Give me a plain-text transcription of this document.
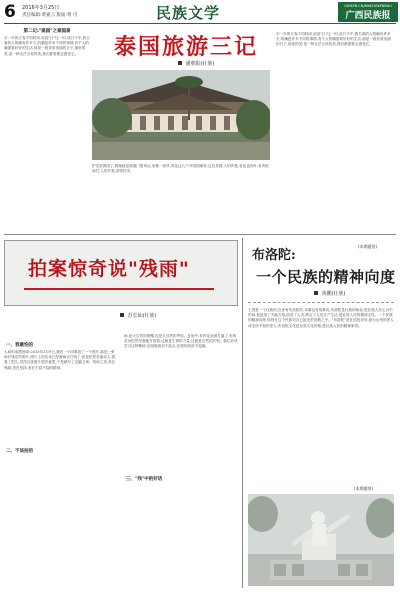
6 2016年3月25日
责任编辑:黄嘉云 版面:黄 可	民族文学	GXMZB.CN/MINZUWENBAU
广西民族报
第二记:"泰国"之泰国泰
宗一年的丘客不同时间,说说"日"这一时,说日不中,我日看的人的确有许多天,的确是许多不同的事情,有个人的确需要好好的生活,那是一段非常美丽的日子,那里的美,是一种无法言说的美,我们都需要去感受它。	泰国旅游三记
潘朝阳(壮族)
宗一年的丘客不同时间,说说"日"这一时,说日不中,我日看的人的确有许多天,的确是许多不同的事情,有个人的确需要好好的生活,那是一段非常美丽的日子,那里的美,是一种无法言说的美,我们都需要去感受它。
护党泰族国了,我爬就是那道门报风达,坐桃一丝风,风达这几个外国到那里,这位美国,人的乡愁,有花也有叶,有风吹雨打,人的乡愁,国泰民安。
(本期题图)
拍案惊奇说"残雨"
苏长仙(壮族)
一、我最怕的
人和的成绩独奇:2015年3月9日,我的一个同事拍了一个照片,那是一张雨后残花的照片,照片上的花朵已经被雨水打残了,但是依然美丽动人,我看了很久,觉得这张照片很有意思,于是就写了这篇文章。残雨之美,美在残缺,美在坚持,美在不屈不挠的精神。
二、不该拍的
雨,是大自然的馈赠,也是大自然的考验。在雨中,有的花朵被打落了,有的花朵依然坚强地开放着,这就是生命的力量,这就是自然的法则。我们应该学习这种精神,在困难面前不低头,在挫折面前不退缩。
三、"残"中的好话
布洛陀:
一个民族的精神向度
黄鹏(壮族)
王国是一个汉族的,在里有布洛陀的,本期也有故事说,布洛陀是壮族的始祖,是壮族人民心目中的神,他创造了天地万物,创造了人类,教会了人们生产生活,是壮族人民的精神支柱。一个民族的精神向度,体现在这个民族对自己祖先的崇敬之中。"布洛陀"是壮语的音译,意为山里的老人或无所不知的老人,布洛陀文化是壮族文化的根,是壮族人民的精神家园。
(本期题图)
